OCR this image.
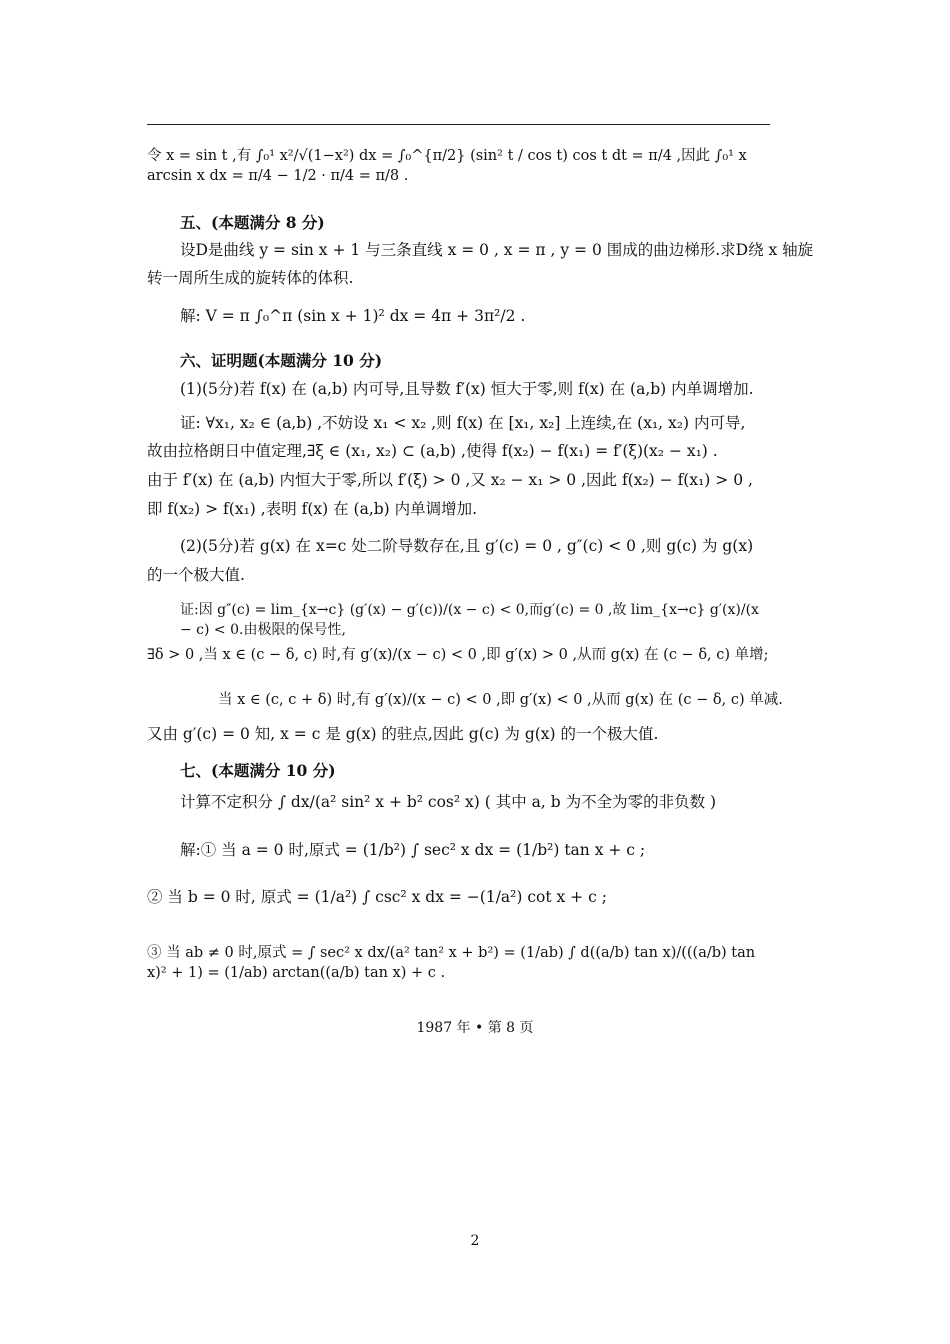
令 x = sin t ,有 ∫₀¹ x²/√(1−x²) dx = ∫₀^{π/2} (sin² t / cos t) cos t dt = π/4 ,因此 ∫₀¹ x arcsin x dx = π/4 − 1/2 · π/4 = π/8 .
五、(本题满分 8 分)
设D是曲线 y = sin x + 1 与三条直线 x = 0 , x = π , y = 0 围成的曲边梯形.求D绕 x 轴旋
转一周所生成的旋转体的体积.
解: V = π ∫₀^π (sin x + 1)² dx = 4π + 3π²/2 .
六、证明题(本题满分 10 分)
(1)(5分)若 f(x) 在 (a,b) 内可导,且导数 f′(x) 恒大于零,则 f(x) 在 (a,b) 内单调增加.
证: ∀x₁, x₂ ∈ (a,b) ,不妨设 x₁ < x₂ ,则 f(x) 在 [x₁, x₂] 上连续,在 (x₁, x₂) 内可导,
故由拉格朗日中值定理,∃ξ ∈ (x₁, x₂) ⊂ (a,b) ,使得 f(x₂) − f(x₁) = f′(ξ)(x₂ − x₁) .
由于 f′(x) 在 (a,b) 内恒大于零,所以 f′(ξ) > 0 ,又 x₂ − x₁ > 0 ,因此 f(x₂) − f(x₁) > 0 ,
即 f(x₂) > f(x₁) ,表明 f(x) 在 (a,b) 内单调增加.
(2)(5分)若 g(x) 在 x=c 处二阶导数存在,且 g′(c) = 0 , g″(c) < 0 ,则 g(c) 为 g(x)
的一个极大值.
证:因 g″(c) = lim_{x→c} (g′(x) − g′(c))/(x − c) < 0,而g′(c) = 0 ,故 lim_{x→c} g′(x)/(x − c) < 0.由极限的保号性,
∃δ > 0 ,当 x ∈ (c − δ, c) 时,有 g′(x)/(x − c) < 0 ,即 g′(x) > 0 ,从而 g(x) 在 (c − δ, c) 单增;
当 x ∈ (c, c + δ) 时,有 g′(x)/(x − c) < 0 ,即 g′(x) < 0 ,从而 g(x) 在 (c − δ, c) 单减.
又由 g′(c) = 0 知, x = c 是 g(x) 的驻点,因此 g(c) 为 g(x) 的一个极大值.
七、(本题满分 10 分)
计算不定积分 ∫ dx/(a² sin² x + b² cos² x) ( 其中 a, b 为不全为零的非负数 )
解:① 当 a = 0 时,原式 = (1/b²) ∫ sec² x dx = (1/b²) tan x + c ;
② 当 b = 0 时, 原式 = (1/a²) ∫ csc² x dx = −(1/a²) cot x + c ;
③ 当 ab ≠ 0 时,原式 = ∫ sec² x dx/(a² tan² x + b²) = (1/ab) ∫ d((a/b) tan x)/(((a/b) tan x)² + 1) = (1/ab) arctan((a/b) tan x) + c .
1987 年 • 第 8 页
2
